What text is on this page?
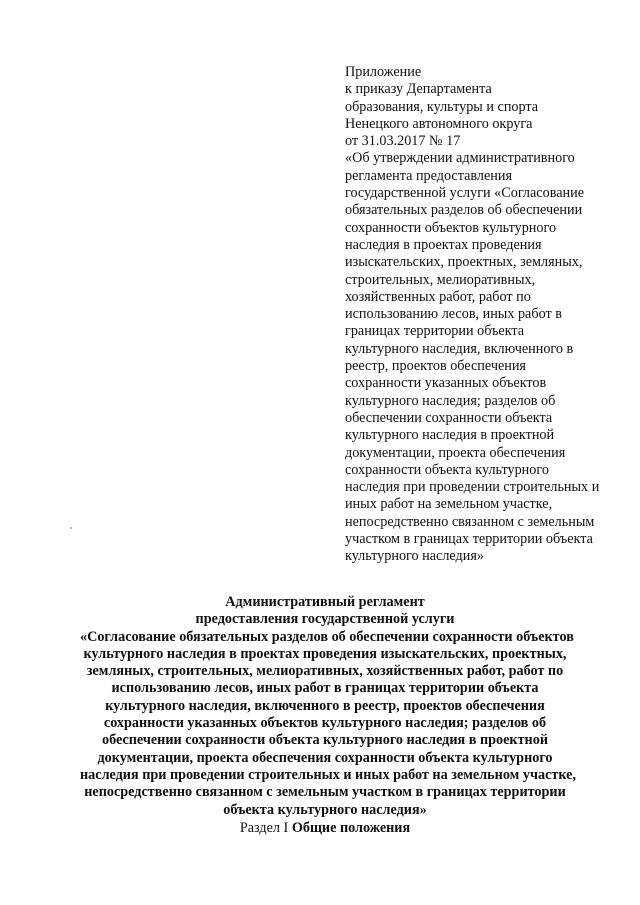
Приложение
к приказу Департамента
образования, культуры и спорта
Ненецкого автономного округа
от 31.03.2017 № 17
«Об утверждении административного
регламента предоставления
государственной услуги «Согласование
обязательных разделов об обеспечении
сохранности объектов культурного
наследия в проектах проведения
изыскательских, проектных, земляных,
строительных, мелиоративных,
хозяйственных работ, работ по
использованию лесов, иных работ в
границах территории объекта
культурного наследия, включенного в
реестр, проектов обеспечения
сохранности указанных объектов
культурного наследия; разделов об
обеспечении сохранности объекта
культурного наследия в проектной
документации, проекта обеспечения
сохранности объекта культурного
наследия при проведении строительных и
иных работ на земельном участке,
непосредственно связанном с земельным
участком в границах территории объекта
культурного наследия»
Административный регламент
предоставления государственной услуги
«Согласование обязательных разделов об обеспечении сохранности объектов
культурного наследия в проектах проведения изыскательских, проектных,
земляных, строительных, мелиоративных, хозяйственных работ, работ по
использованию лесов, иных работ в границах территории объекта
культурного наследия, включенного в реестр, проектов обеспечения
сохранности указанных объектов культурного наследия; разделов об
обеспечении сохранности объекта культурного наследия в проектной
документации, проекта обеспечения сохранности объекта культурного
наследия при проведении строительных и иных работ на земельном участке,
непосредственно связанном с земельным участком в границах территории
объекта культурного наследия»
Раздел I Общие положения
